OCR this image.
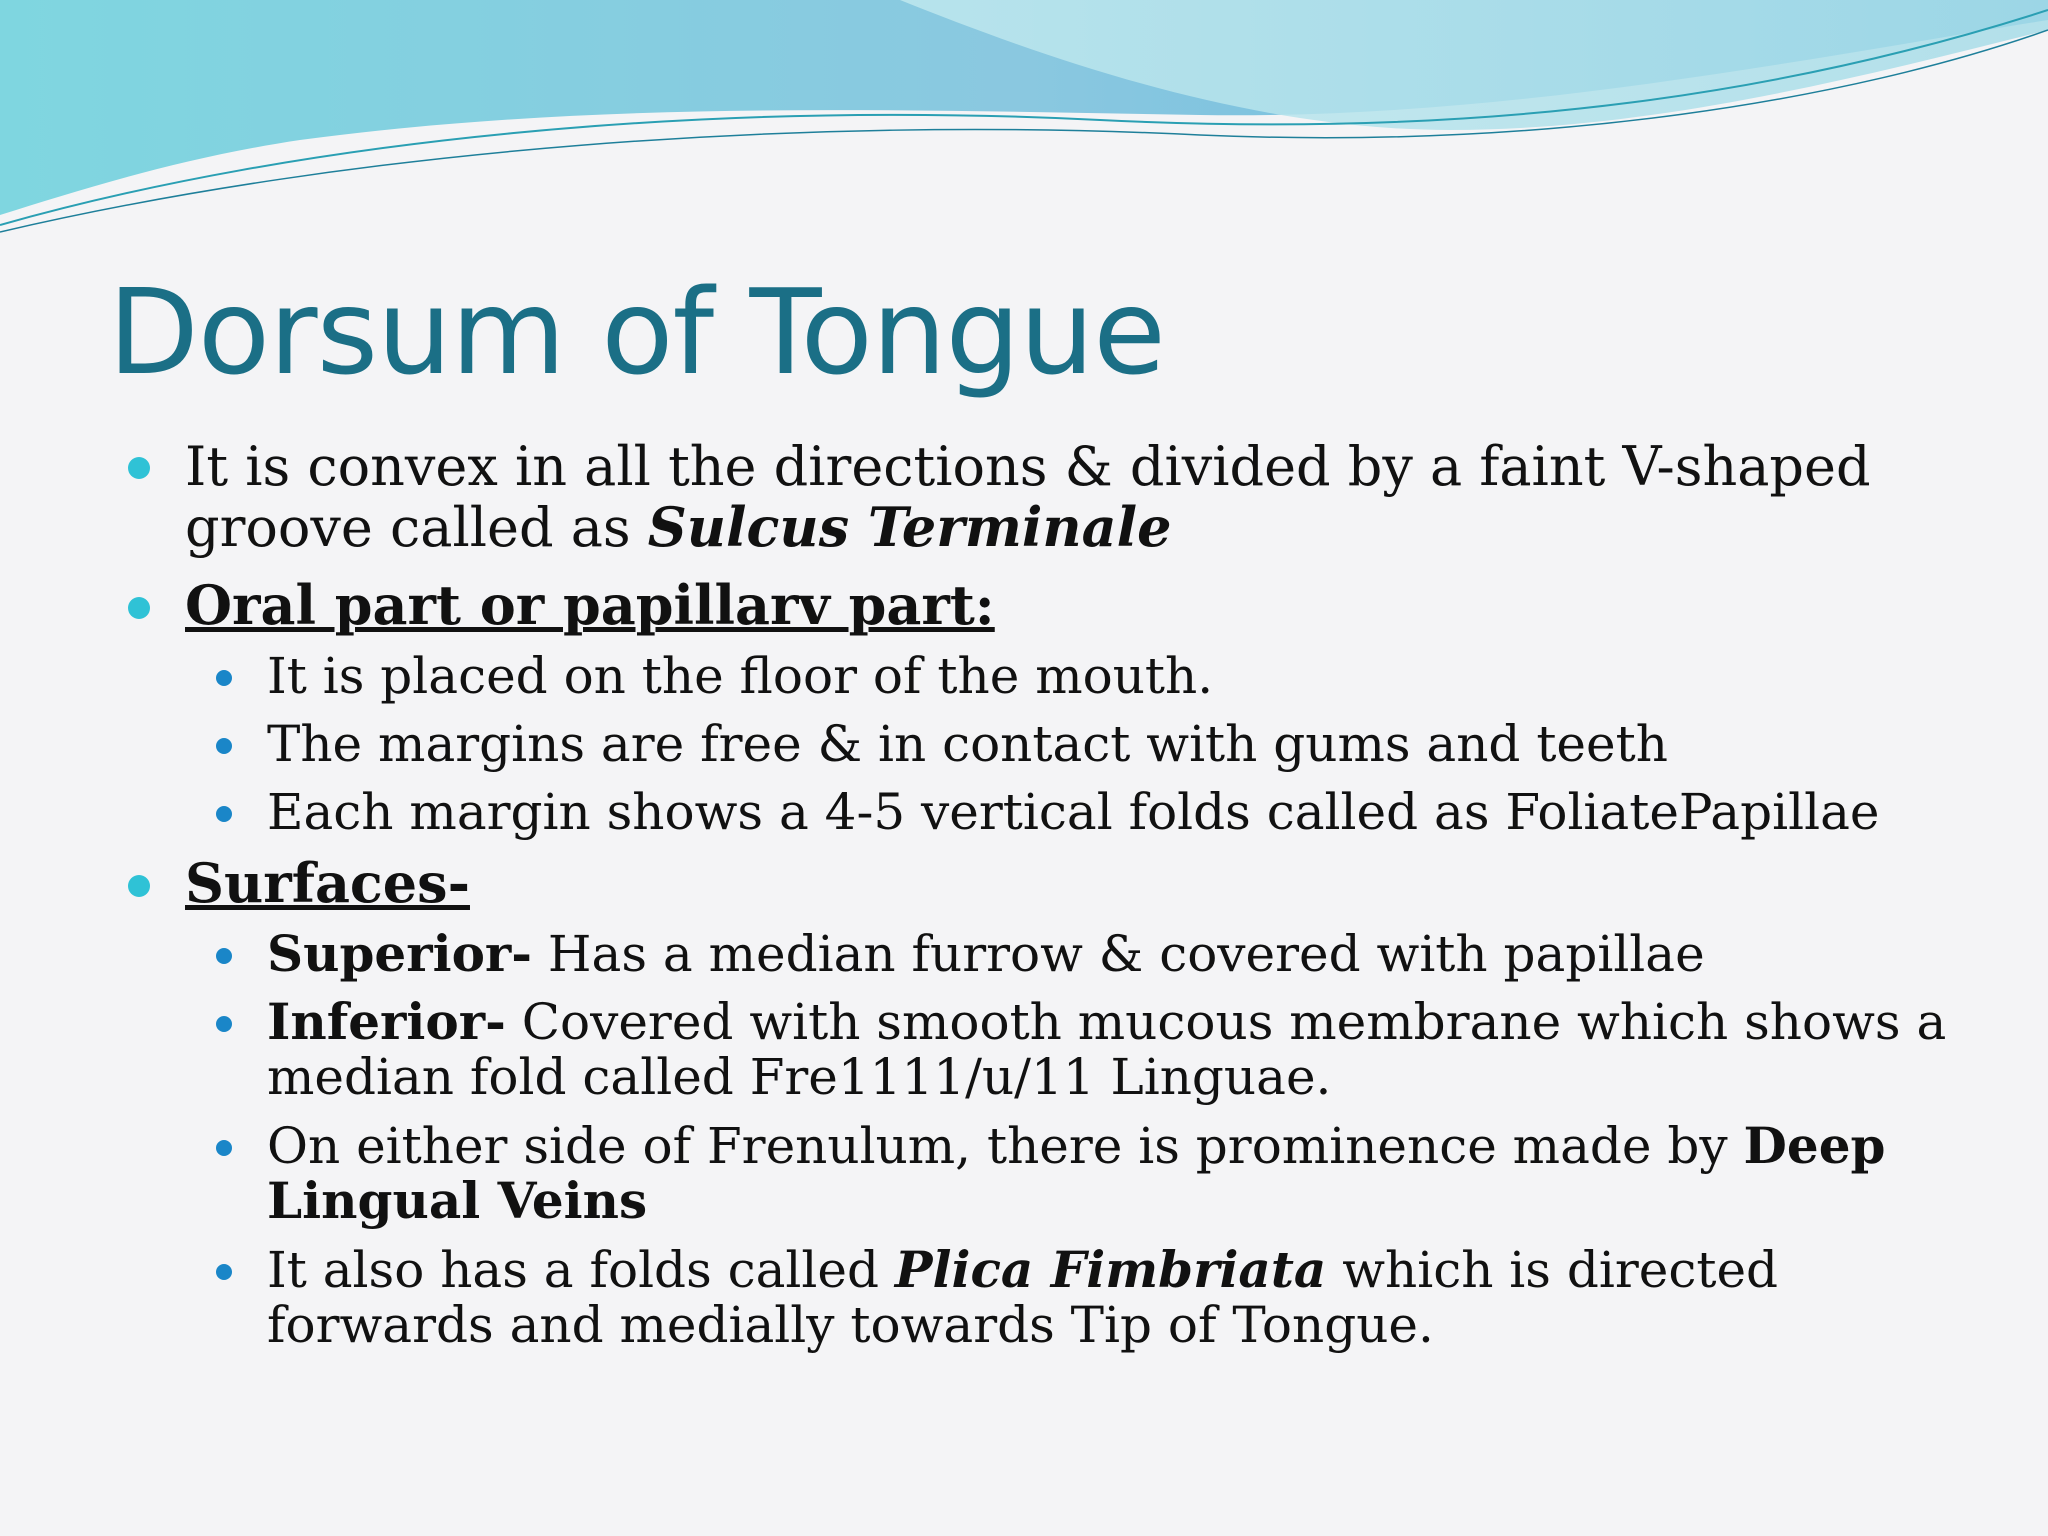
Dorsum of Tongue
It is convex in all the directions & divided by a faint V-shaped
groove called as Sulcus Terminale
Oral part or papillarv part:
It is placed on the floor of the mouth.
The margins are free & in contact with gums and teeth
Each margin shows a 4-5 vertical folds called as FoliatePapillae
Surfaces-
Superior- Has a median furrow & covered with papillae
Inferior- Covered with smooth mucous membrane which shows a
median fold called Fre1111/u/11 Linguae.
On either side of Frenulum, there is prominence made by Deep
Lingual Veins
It also has a folds called Plica Fimbriata which is directed
forwards and medially towards Tip of Tongue.
